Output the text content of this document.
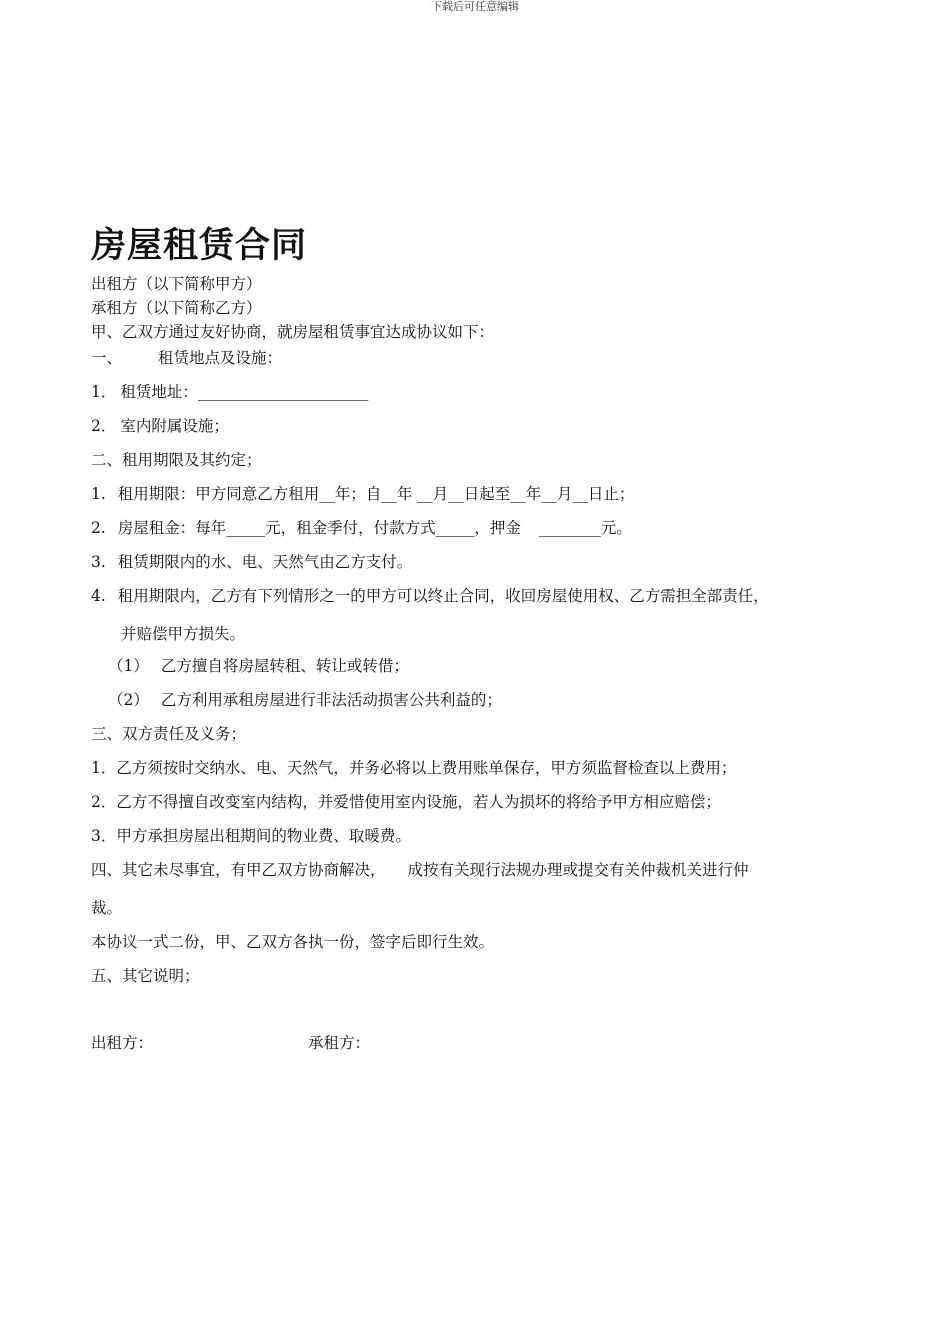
下载后可任意编辑
房屋租赁合同
出租方（以下简称甲方）
承租方（以下简称乙方）
甲、乙双方通过友好协商，就房屋租赁事宜达成协议如下：
一、 租赁地点及设施：
1． 租赁地址：______________________
2． 室内附属设施；
二、租用期限及其约定；
1. 租用期限：甲方同意乙方租用__年；自__年 __月__日起至__年__月__日止；
2. 房屋租金：每年_____元，租金季付，付款方式_____，押金 ________元。
3. 租赁期限内的水、电、天然气由乙方支付。
4. 租用期限内，乙方有下列情形之一的甲方可以终止合同，收回房屋使用权、乙方需担全部责任，
并赔偿甲方损失。
（1） 乙方擅自将房屋转租、转让或转借；
（2） 乙方利用承租房屋进行非法活动损害公共利益的；
三、双方责任及义务；
1．乙方须按时交纳水、电、天然气，并务必将以上费用账单保存，甲方须监督检查以上费用；
2．乙方不得擅自改变室内结构，并爱惜使用室内设施，若人为损坏的将给予甲方相应赔偿；
3．甲方承担房屋出租期间的物业费、取暖费。
四、其它未尽事宜，有甲乙双方协商解决， 成按有关现行法规办理或提交有关仲裁机关进行仲
裁。
本协议一式二份，甲、乙双方各执一份，签字后即行生效。
五、其它说明；
出租方：	承租方：
